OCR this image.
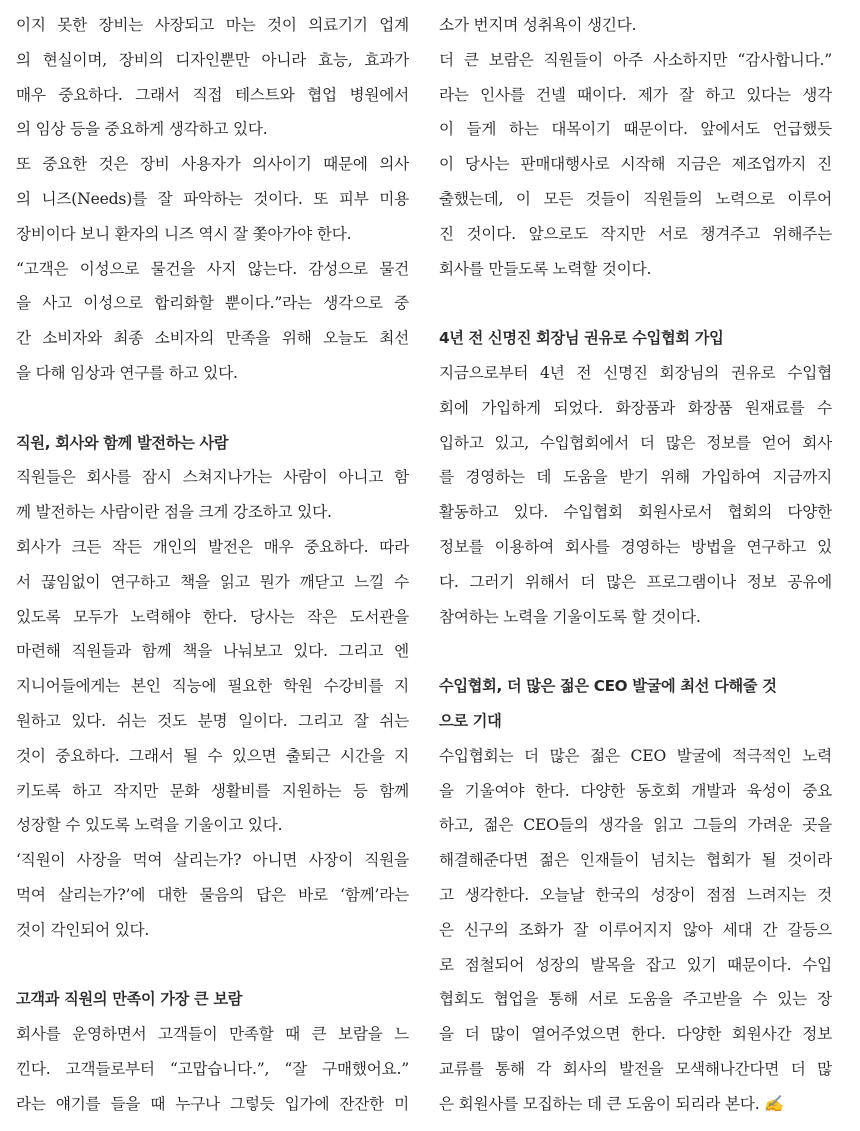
이지 못한 장비는 사장되고 마는 것이 의료기기 업계
의 현실이며, 장비의 디자인뿐만 아니라 효능, 효과가
매우 중요하다. 그래서 직접 테스트와 협업 병원에서
의 임상 등을 중요하게 생각하고 있다.
또 중요한 것은 장비 사용자가 의사이기 때문에 의사
의 니즈(Needs)를 잘 파악하는 것이다. 또 피부 미용
장비이다 보니 환자의 니즈 역시 잘 쫓아가야 한다.
“고객은 이성으로 물건을 사지 않는다. 감성으로 물건
을 사고 이성으로 합리화할 뿐이다.”라는 생각으로 중
간 소비자와 최종 소비자의 만족을 위해 오늘도 최선
을 다해 임상과 연구를 하고 있다.
직원, 회사와 함께 발전하는 사람
직원들은 회사를 잠시 스쳐지나가는 사람이 아니고 함
께 발전하는 사람이란 점을 크게 강조하고 있다.
회사가 크든 작든 개인의 발전은 매우 중요하다. 따라
서 끊임없이 연구하고 책을 읽고 뭔가 깨닫고 느낄 수
있도록 모두가 노력해야 한다. 당사는 작은 도서관을
마련해 직원들과 함께 책을 나눠보고 있다. 그리고 엔
지니어들에게는 본인 직능에 필요한 학원 수강비를 지
원하고 있다. 쉬는 것도 분명 일이다. 그리고 잘 쉬는
것이 중요하다. 그래서 될 수 있으면 출퇴근 시간을 지
키도록 하고 작지만 문화 생활비를 지원하는 등 함께
성장할 수 있도록 노력을 기울이고 있다.
‘직원이 사장을 먹여 살리는가? 아니면 사장이 직원을
먹여 살리는가?’에 대한 물음의 답은 바로 ‘함께’라는
것이 각인되어 있다.
고객과 직원의 만족이 가장 큰 보람
회사를 운영하면서 고객들이 만족할 때 큰 보람을 느
낀다. 고객들로부터 “고맙습니다.”, “잘 구매했어요.”
라는 얘기를 들을 때 누구나 그렇듯 입가에 잔잔한 미
소가 번지며 성취욕이 생긴다.
더 큰 보람은 직원들이 아주 사소하지만 “감사합니다.”
라는 인사를 건넬 때이다. 제가 잘 하고 있다는 생각
이 들게 하는 대목이기 때문이다. 앞에서도 언급했듯
이 당사는 판매대행사로 시작해 지금은 제조업까지 진
출했는데, 이 모든 것들이 직원들의 노력으로 이루어
진 것이다. 앞으로도 작지만 서로 챙겨주고 위해주는
회사를 만들도록 노력할 것이다.
4년 전 신명진 회장님 권유로 수입협회 가입
지금으로부터 4년 전 신명진 회장님의 권유로 수입협
회에 가입하게 되었다. 화장품과 화장품 원재료를 수
입하고 있고, 수입협회에서 더 많은 정보를 얻어 회사
를 경영하는 데 도움을 받기 위해 가입하여 지금까지
활동하고 있다. 수입협회 회원사로서 협회의 다양한
정보를 이용하여 회사를 경영하는 방법을 연구하고 있
다. 그러기 위해서 더 많은 프로그램이나 정보 공유에
참여하는 노력을 기울이도록 할 것이다.
수입협회, 더 많은 젊은 CEO 발굴에 최선 다해줄 것
으로 기대
수입협회는 더 많은 젊은 CEO 발굴에 적극적인 노력
을 기울여야 한다. 다양한 동호회 개발과 육성이 중요
하고, 젊은 CEO들의 생각을 읽고 그들의 가려운 곳을
해결해준다면 젊은 인재들이 넘치는 협회가 될 것이라
고 생각한다. 오늘날 한국의 성장이 점점 느려지는 것
은 신구의 조화가 잘 이루어지지 않아 세대 간 갈등으
로 점철되어 성장의 발목을 잡고 있기 때문이다. 수입
협회도 협업을 통해 서로 도움을 주고받을 수 있는 장
을 더 많이 열어주었으면 한다. 다양한 회원사간 정보
교류를 통해 각 회사의 발전을 모색해나간다면 더 많
은 회원사를 모집하는 데 큰 도움이 되리라 본다. ✍
